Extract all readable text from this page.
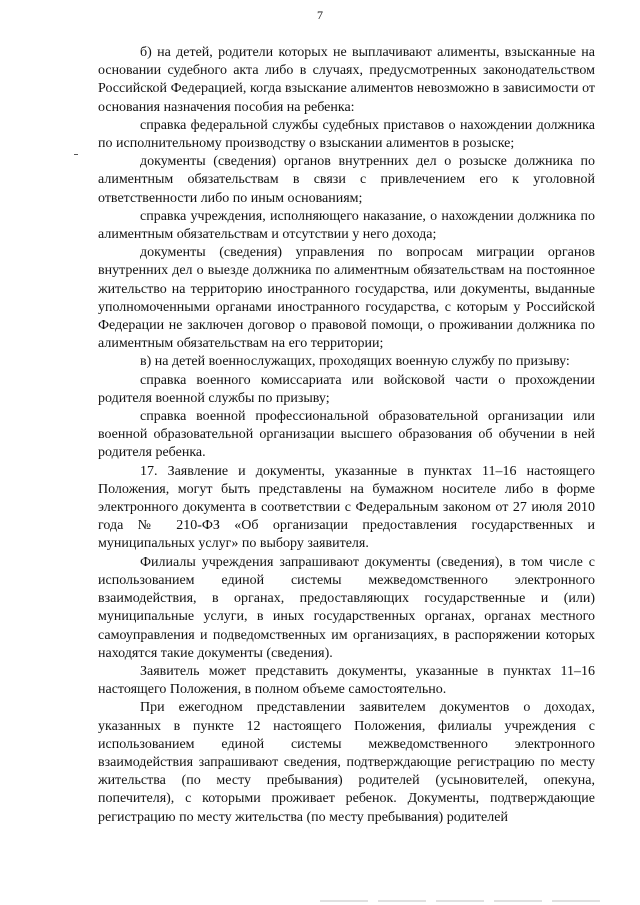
7

б) на детей, родители которых не выплачивают алименты, взысканные на основании судебного акта либо в случаях, предусмотренных законодательством Российской Федерацией, когда взыскание алиментов невозможно в зависимости от основания назначения пособия на ребенка:

справка федеральной службы судебных приставов о нахождении должника по исполнительному производству о взыскании алиментов в розыске;

документы (сведения) органов внутренних дел о розыске должника по алиментным обязательствам в связи с привлечением его к уголовной ответственности либо по иным основаниям;

справка учреждения, исполняющего наказание, о нахождении должника по алиментным обязательствам и отсутствии у него дохода;

документы (сведения) управления по вопросам миграции органов внутренних дел о выезде должника по алиментным обязательствам на постоянное жительство на территорию иностранного государства, или документы, выданные уполномоченными органами иностранного государства, с которым у Российской Федерации не заключен договор о правовой помощи, о проживании должника по алиментным обязательствам на его территории;

в) на детей военнослужащих, проходящих военную службу по призыву:

справка военного комиссариата или войсковой части о прохождении родителя военной службы по призыву;

справка военной профессиональной образовательной организации или военной образовательной организации высшего образования об обучении в ней родителя ребенка.

17. Заявление и документы, указанные в пунктах 11–16 настоящего Положения, могут быть представлены на бумажном носителе либо в форме электронного документа в соответствии с Федеральным законом от 27 июля 2010 года № 210-ФЗ «Об организации предоставления государственных и муниципальных услуг» по выбору заявителя.

Филиалы учреждения запрашивают документы (сведения), в том числе с использованием единой системы межведомственного электронного взаимодействия, в органах, предоставляющих государственные и (или) муниципальные услуги, в иных государственных органах, органах местного самоуправления и подведомственных им организациях, в распоряжении которых находятся такие документы (сведения).

Заявитель может представить документы, указанные в пунктах 11–16 настоящего Положения, в полном объеме самостоятельно.

При ежегодном представлении заявителем документов о доходах, указанных в пункте 12 настоящего Положения, филиалы учреждения с использованием единой системы межведомственного электронного взаимодействия запрашивают сведения, подтверждающие регистрацию по месту жительства (по месту пребывания) родителей (усыновителей, опекуна, попечителя), с которыми проживает ребенок. Документы, подтверждающие регистрацию по месту жительства (по месту пребывания) родителей
